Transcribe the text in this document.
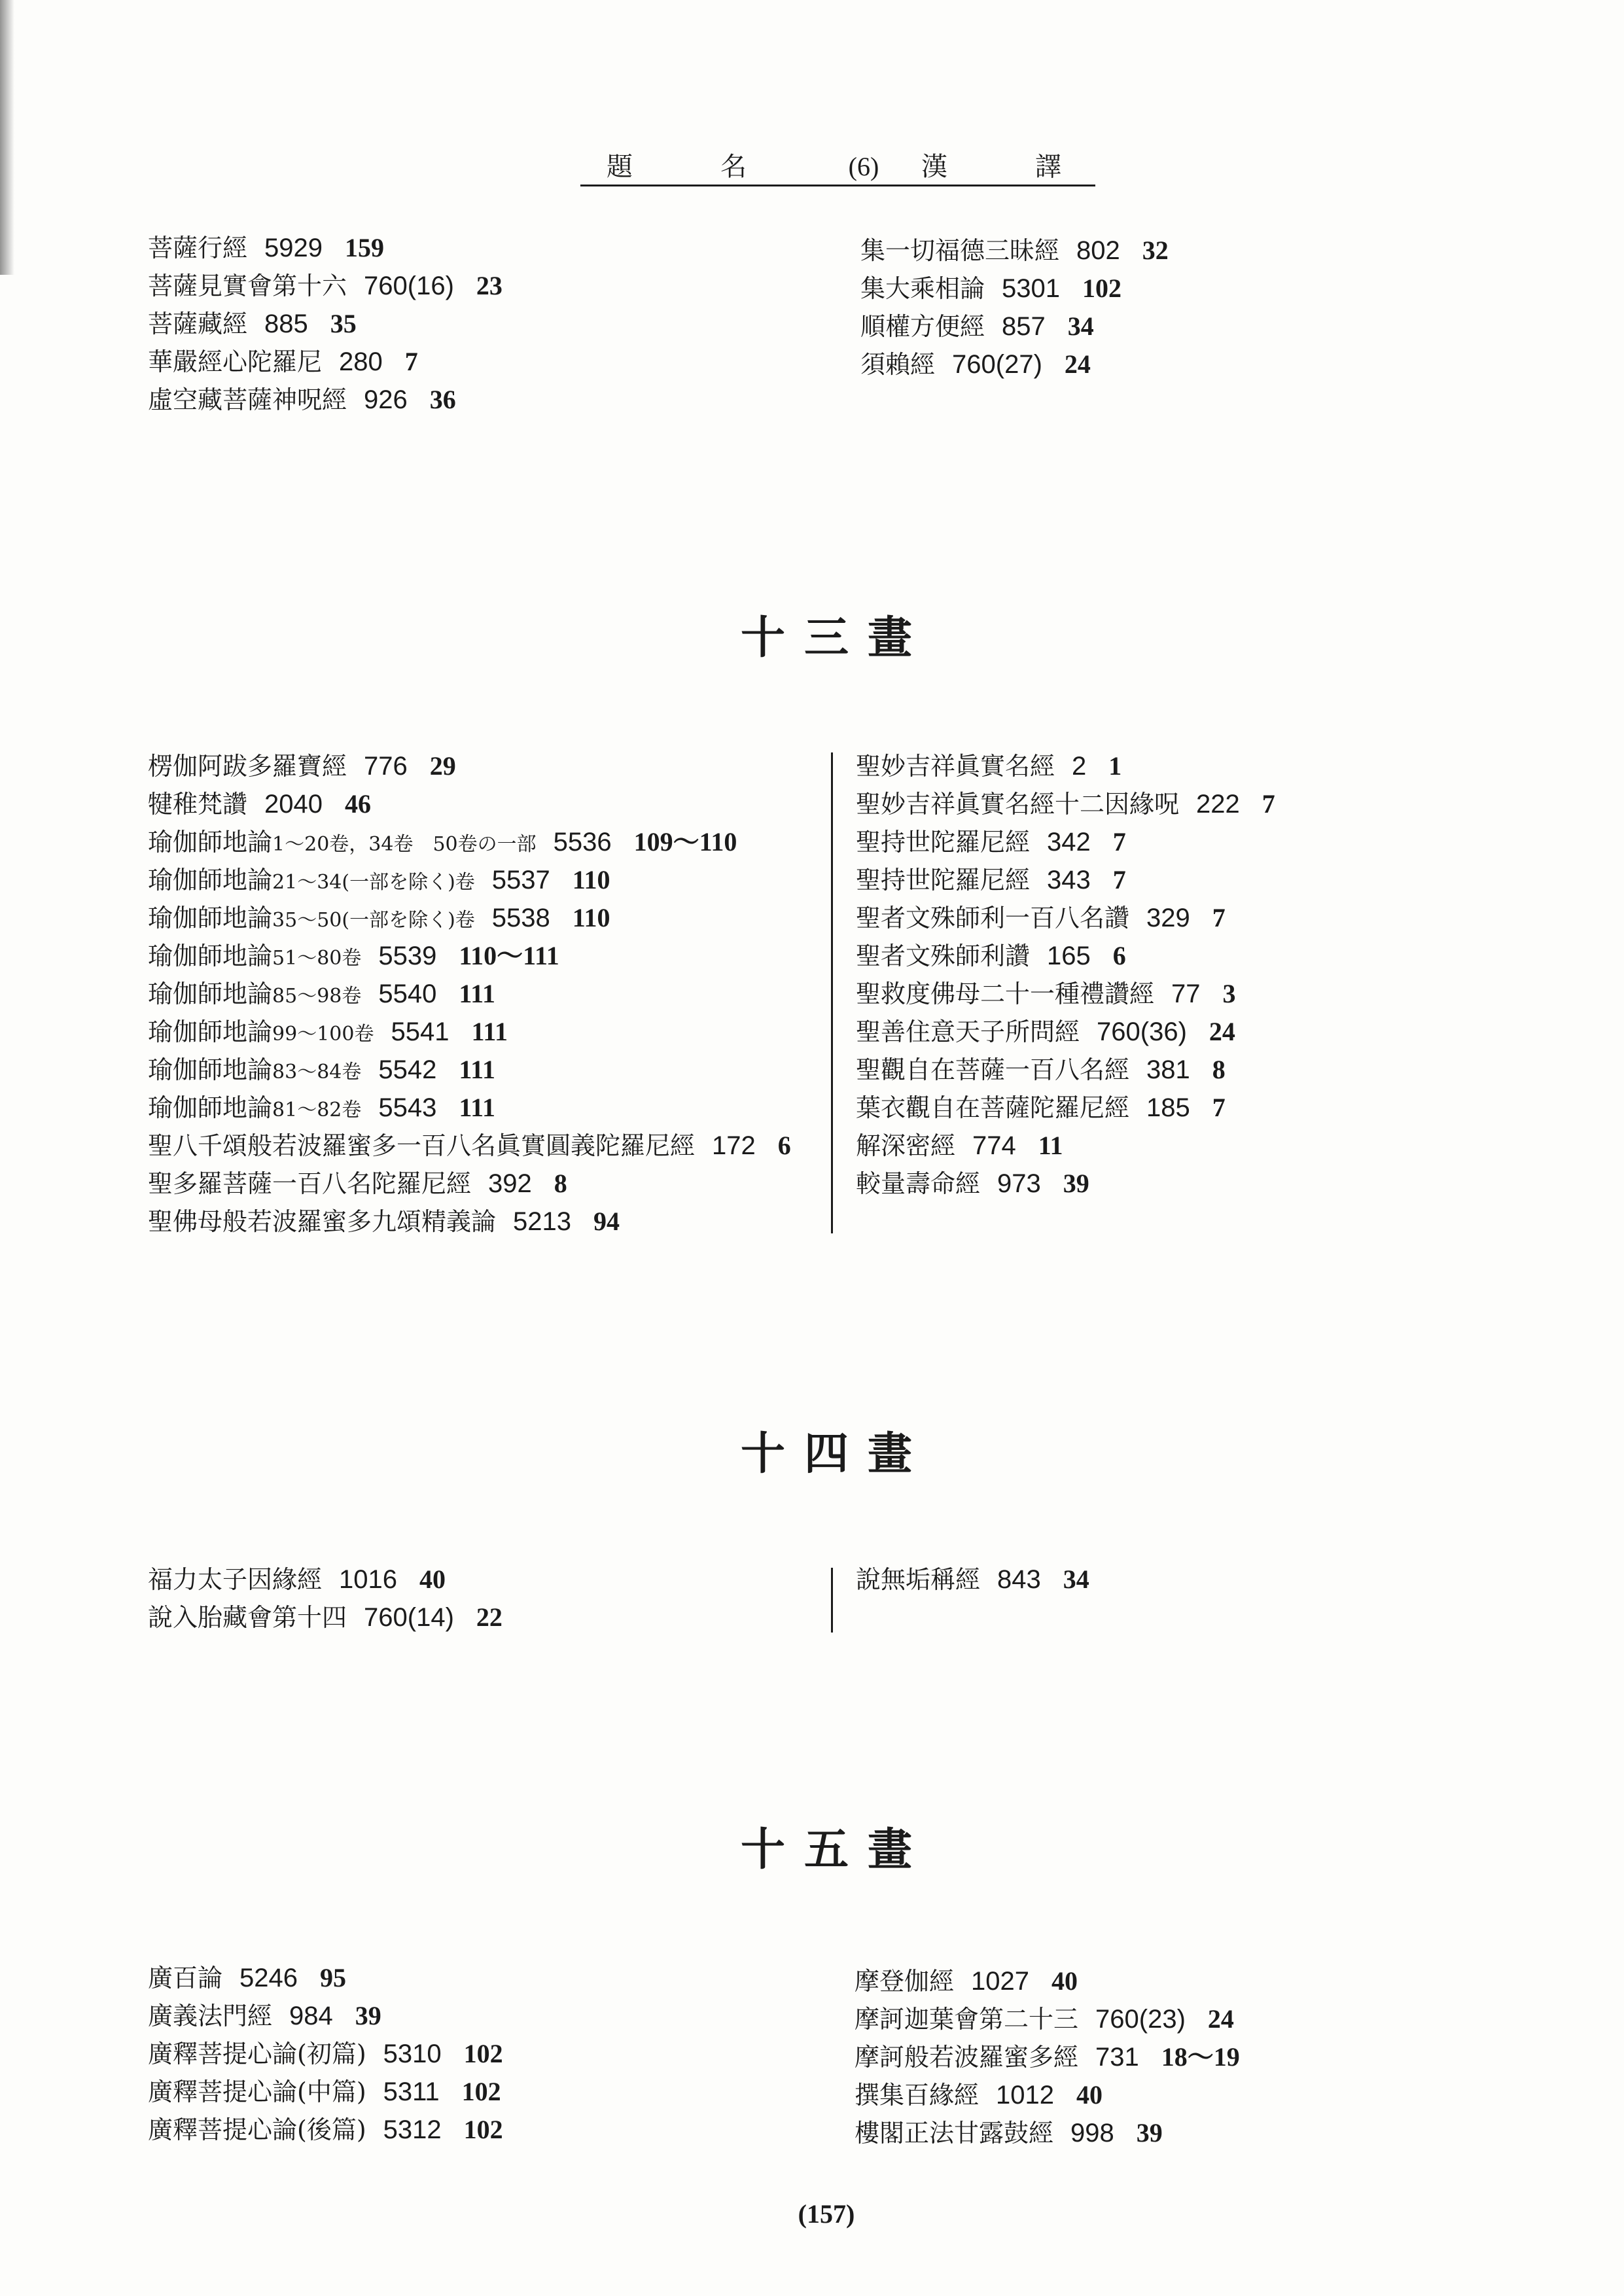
題	名	(6) 漢	譯
菩薩行經 5929 159
菩薩見實會第十六 760(16) 23
菩薩藏經 885 35
華嚴經心陀羅尼 280 7
虛空藏菩薩神呪經 926 36
集一切福德三昧經 802 32
集大乘相論 5301 102
順權方便經 857 34
須賴經 760(27) 24
十三畫
楞伽阿跋多羅寶經 776 29
犍稚梵讚 2040 46
瑜伽師地論1～20卷，34卷　50卷の一部 5536 109～110
瑜伽師地論21～34(一部を除く)卷 5537 110
瑜伽師地論35～50(一部を除く)卷 5538 110
瑜伽師地論51～80卷 5539 110～111
瑜伽師地論85～98卷 5540 111
瑜伽師地論99～100卷 5541 111
瑜伽師地論83～84卷 5542 111
瑜伽師地論81～82卷 5543 111
聖八千頌般若波羅蜜多一百八名眞實圓義陀羅尼經 172 6
聖多羅菩薩一百八名陀羅尼經 392 8
聖佛母般若波羅蜜多九頌精義論 5213 94
聖妙吉祥眞實名經 2 1
聖妙吉祥眞實名經十二因緣呪 222 7
聖持世陀羅尼經 342 7
聖持世陀羅尼經 343 7
聖者文殊師利一百八名讚 329 7
聖者文殊師利讚 165 6
聖救度佛母二十一種禮讚經 77 3
聖善住意天子所問經 760(36) 24
聖觀自在菩薩一百八名經 381 8
葉衣觀自在菩薩陀羅尼經 185 7
解深密經 774 11
較量壽命經 973 39
十四畫
福力太子因緣經 1016 40
說入胎藏會第十四 760(14) 22
說無垢稱經 843 34
十五畫
廣百論 5246 95
廣義法門經 984 39
廣釋菩提心論(初篇) 5310 102
廣釋菩提心論(中篇) 5311 102
廣釋菩提心論(後篇) 5312 102
摩登伽經 1027 40
摩訶迦葉會第二十三 760(23) 24
摩訶般若波羅蜜多經 731 18～19
撰集百緣經 1012 40
樓閣正法甘露鼓經 998 39
(157)
